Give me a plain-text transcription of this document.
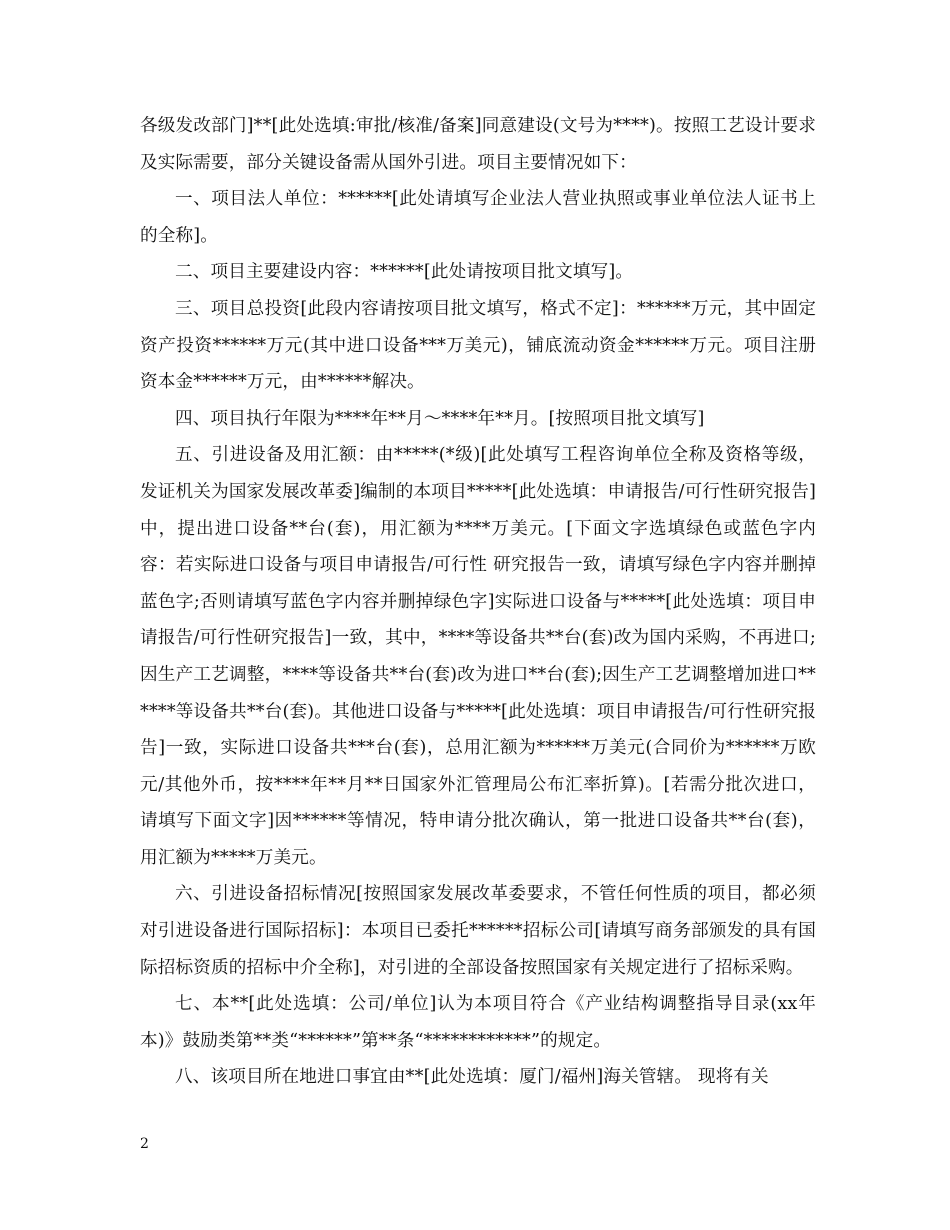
各级发改部门]**[此处选填:审批/核准/备案]同意建设(文号为****)。按照工艺设计要求及实际需要，部分关键设备需从国外引进。项目主要情况如下：

一、项目法人单位：******[此处请填写企业法人营业执照或事业单位法人证书上的全称]。

二、项目主要建设内容：******[此处请按项目批文填写]。

三、项目总投资[此段内容请按项目批文填写，格式不定]：******万元，其中固定资产投资******万元(其中进口设备***万美元)，铺底流动资金******万元。项目注册资本金******万元，由******解决。

四、项目执行年限为****年**月～****年**月。[按照项目批文填写]

五、引进设备及用汇额：由*****(*级)[此处填写工程咨询单位全称及资格等级，发证机关为国家发展改革委]编制的本项目*****[此处选填：申请报告/可行性研究报告]中，提出进口设备**台(套)，用汇额为****万美元。[下面文字选填绿色或蓝色字内容：若实际进口设备与项目申请报告/可行性 研究报告一致，请填写绿色字内容并删掉蓝色字;否则请填写蓝色字内容并删掉绿色字]实际进口设备与*****[此处选填：项目申请报告/可行性研究报告]一致，其中，****等设备共**台(套)改为国内采购，不再进口;因生产工艺调整，****等设备共**台(套)改为进口**台(套);因生产工艺调整增加进口******等设备共**台(套)。其他进口设备与*****[此处选填：项目申请报告/可行性研究报告]一致，实际进口设备共***台(套)，总用汇额为******万美元(合同价为******万欧元/其他外币，按****年**月**日国家外汇管理局公布汇率折算)。[若需分批次进口，请填写下面文字]因******等情况，特申请分批次确认，第一批进口设备共**台(套)，用汇额为*****万美元。

六、引进设备招标情况[按照国家发展改革委要求，不管任何性质的项目，都必须对引进设备进行国际招标]：本项目已委托******招标公司[请填写商务部颁发的具有国际招标资质的招标中介全称]，对引进的全部设备按照国家有关规定进行了招标采购。

七、本**[此处选填：公司/单位]认为本项目符合《产业结构调整指导目录(xx年本)》鼓励类第**类“******”第**条“************”的规定。

八、该项目所在地进口事宜由**[此处选填：厦门/福州]海关管辖。 现将有关

2
